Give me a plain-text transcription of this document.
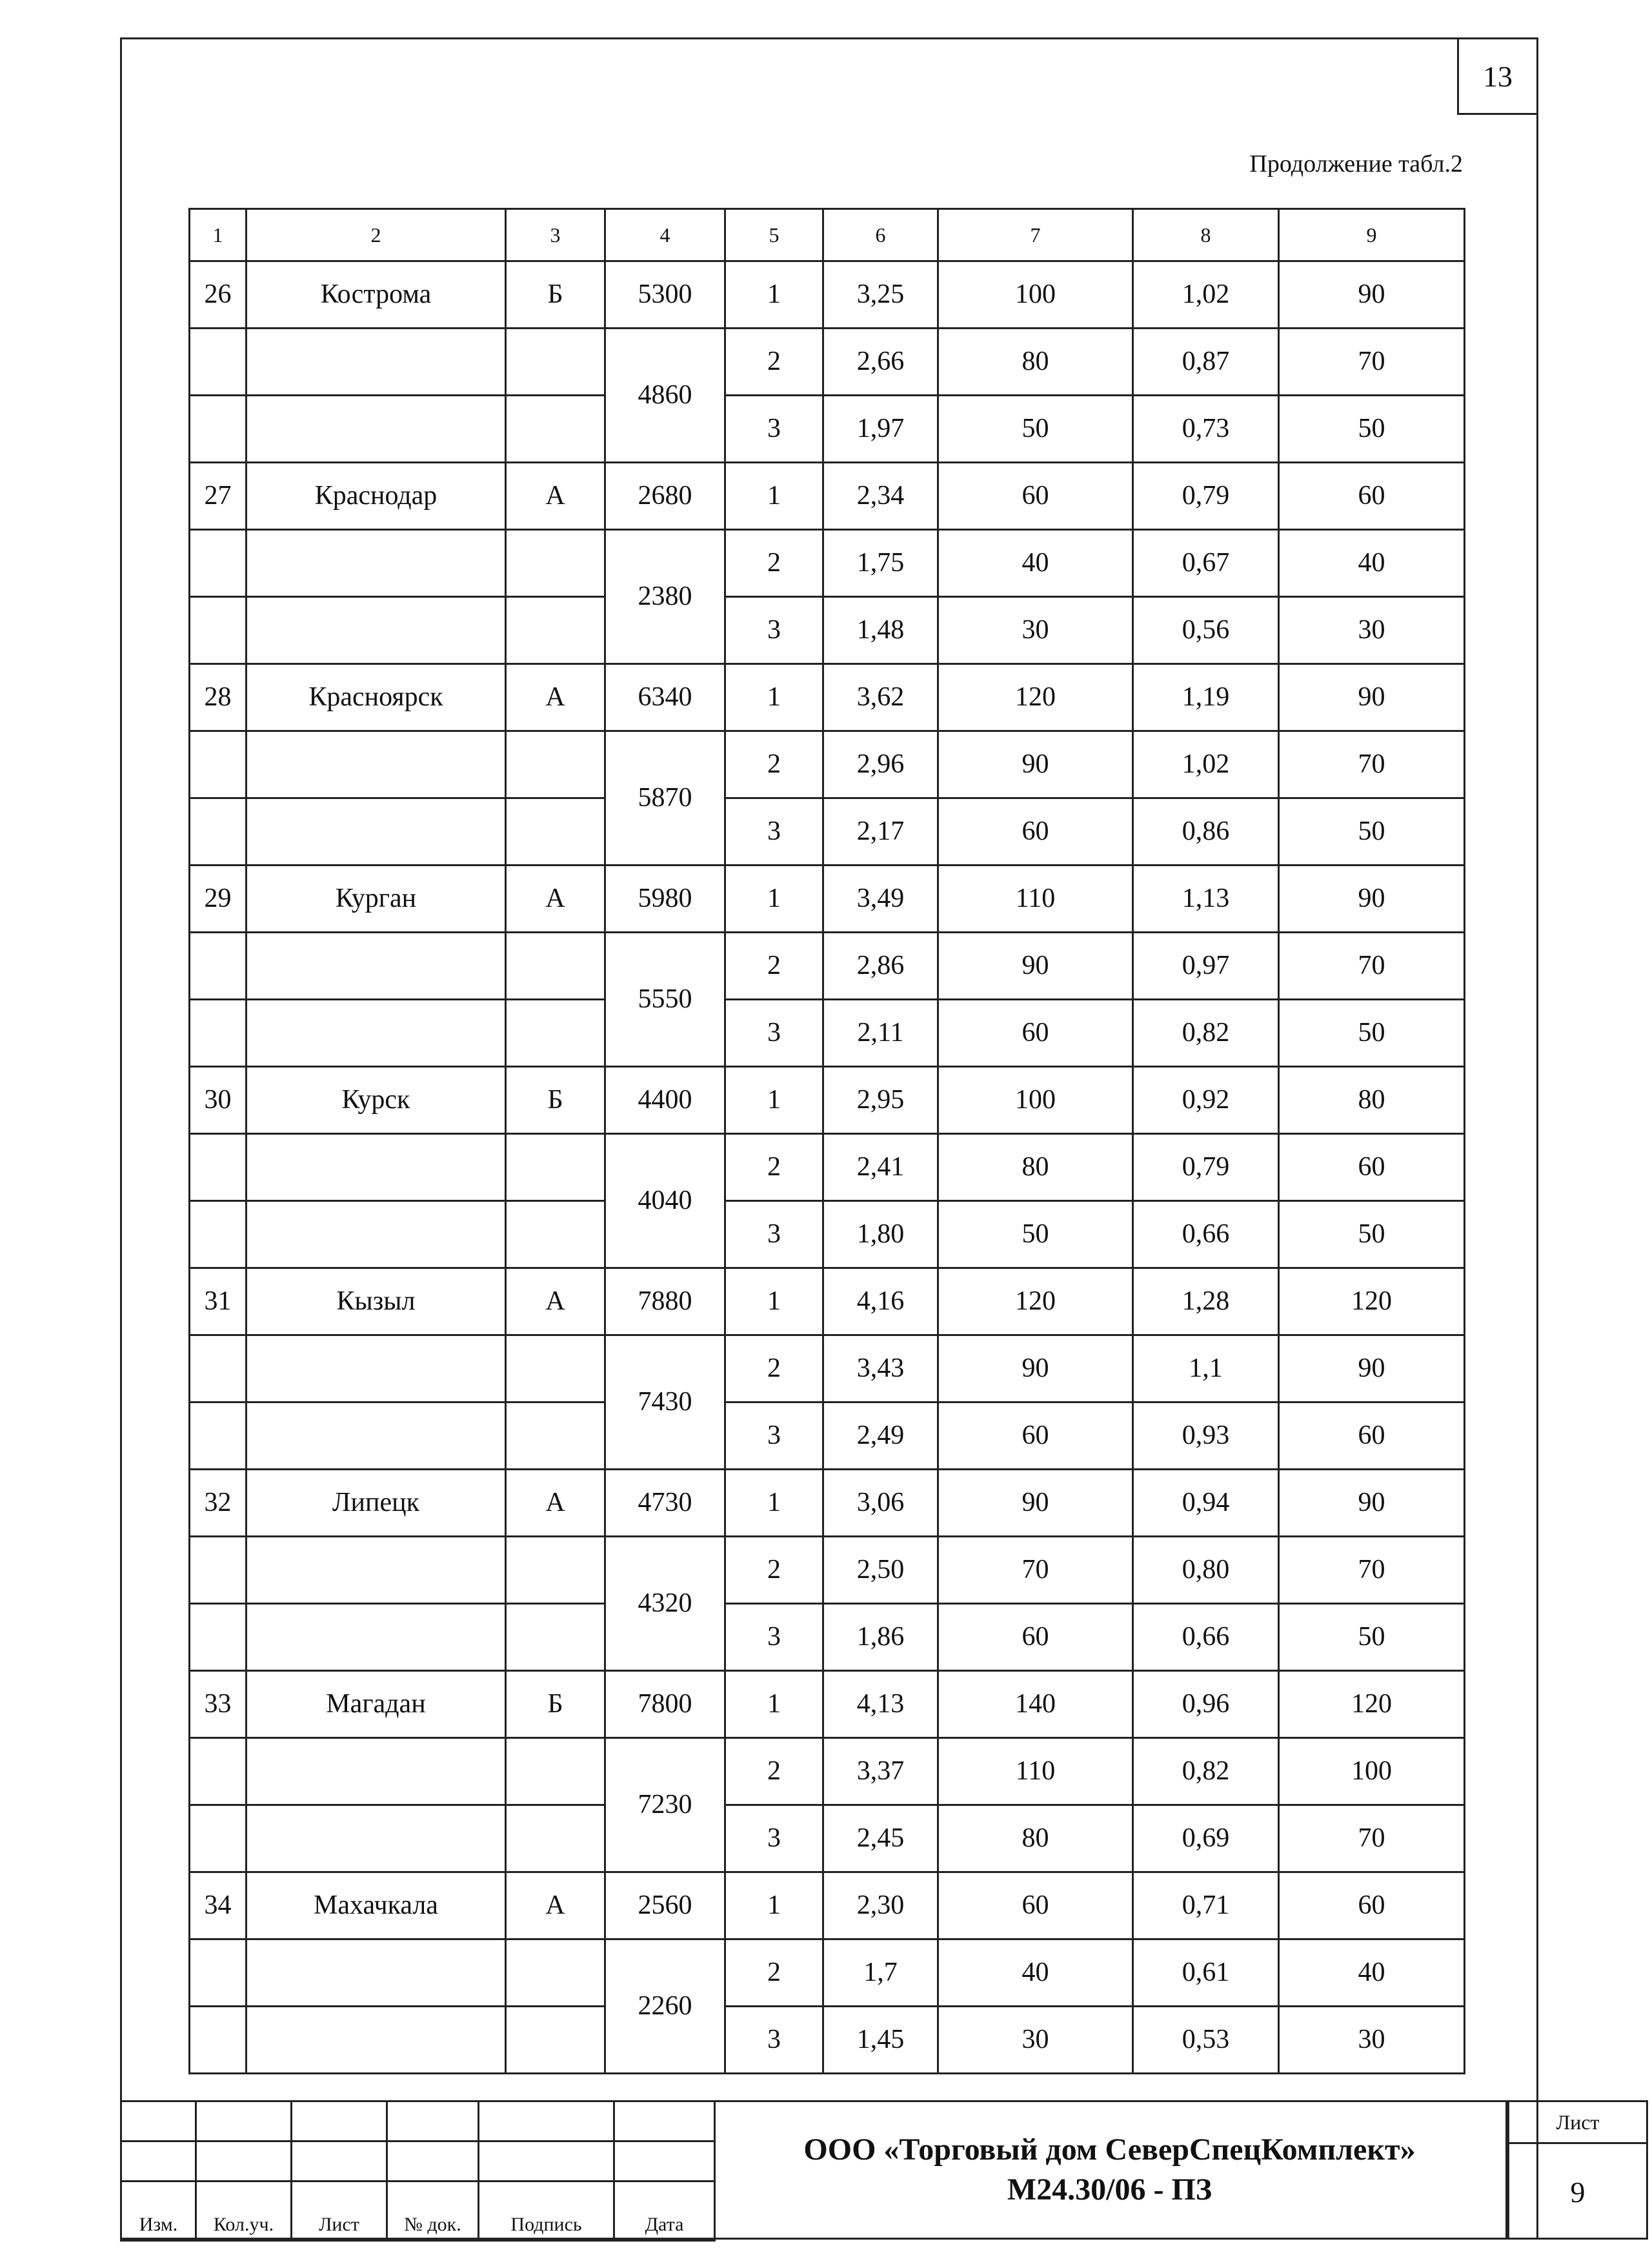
13
Продолжение табл.2
1	2	3	4	5	6	7	8	9
26	Кострома	Б	5300	1	3,25	100	1,02	90
			4860	2	2,66	80	0,87	70
				3	1,97	50	0,73	50
27	Краснодар	А	2680	1	2,34	60	0,79	60
			2380	2	1,75	40	0,67	40
				3	1,48	30	0,56	30
28	Красноярск	А	6340	1	3,62	120	1,19	90
			5870	2	2,96	90	1,02	70
				3	2,17	60	0,86	50
29	Курган	А	5980	1	3,49	110	1,13	90
			5550	2	2,86	90	0,97	70
				3	2,11	60	0,82	50
30	Курск	Б	4400	1	2,95	100	0,92	80
			4040	2	2,41	80	0,79	60
				3	1,80	50	0,66	50
31	Кызыл	А	7880	1	4,16	120	1,28	120
			7430	2	3,43	90	1,1	90
				3	2,49	60	0,93	60
32	Липецк	А	4730	1	3,06	90	0,94	90
			4320	2	2,50	70	0,80	70
				3	1,86	60	0,66	50
33	Магадан	Б	7800	1	4,13	140	0,96	120
			7230	2	3,37	110	0,82	100
				3	2,45	80	0,69	70
34	Махачкала	А	2560	1	2,30	60	0,71	60
			2260	2	1,7	40	0,61	40
				3	1,45	30	0,53	30

Изм.	Кол.уч.	Лист	№ док.	Подпись	Дата
ООО «Торговый дом СеверСпецКомплект»
М24.30/06 - ПЗ
Лист
9
